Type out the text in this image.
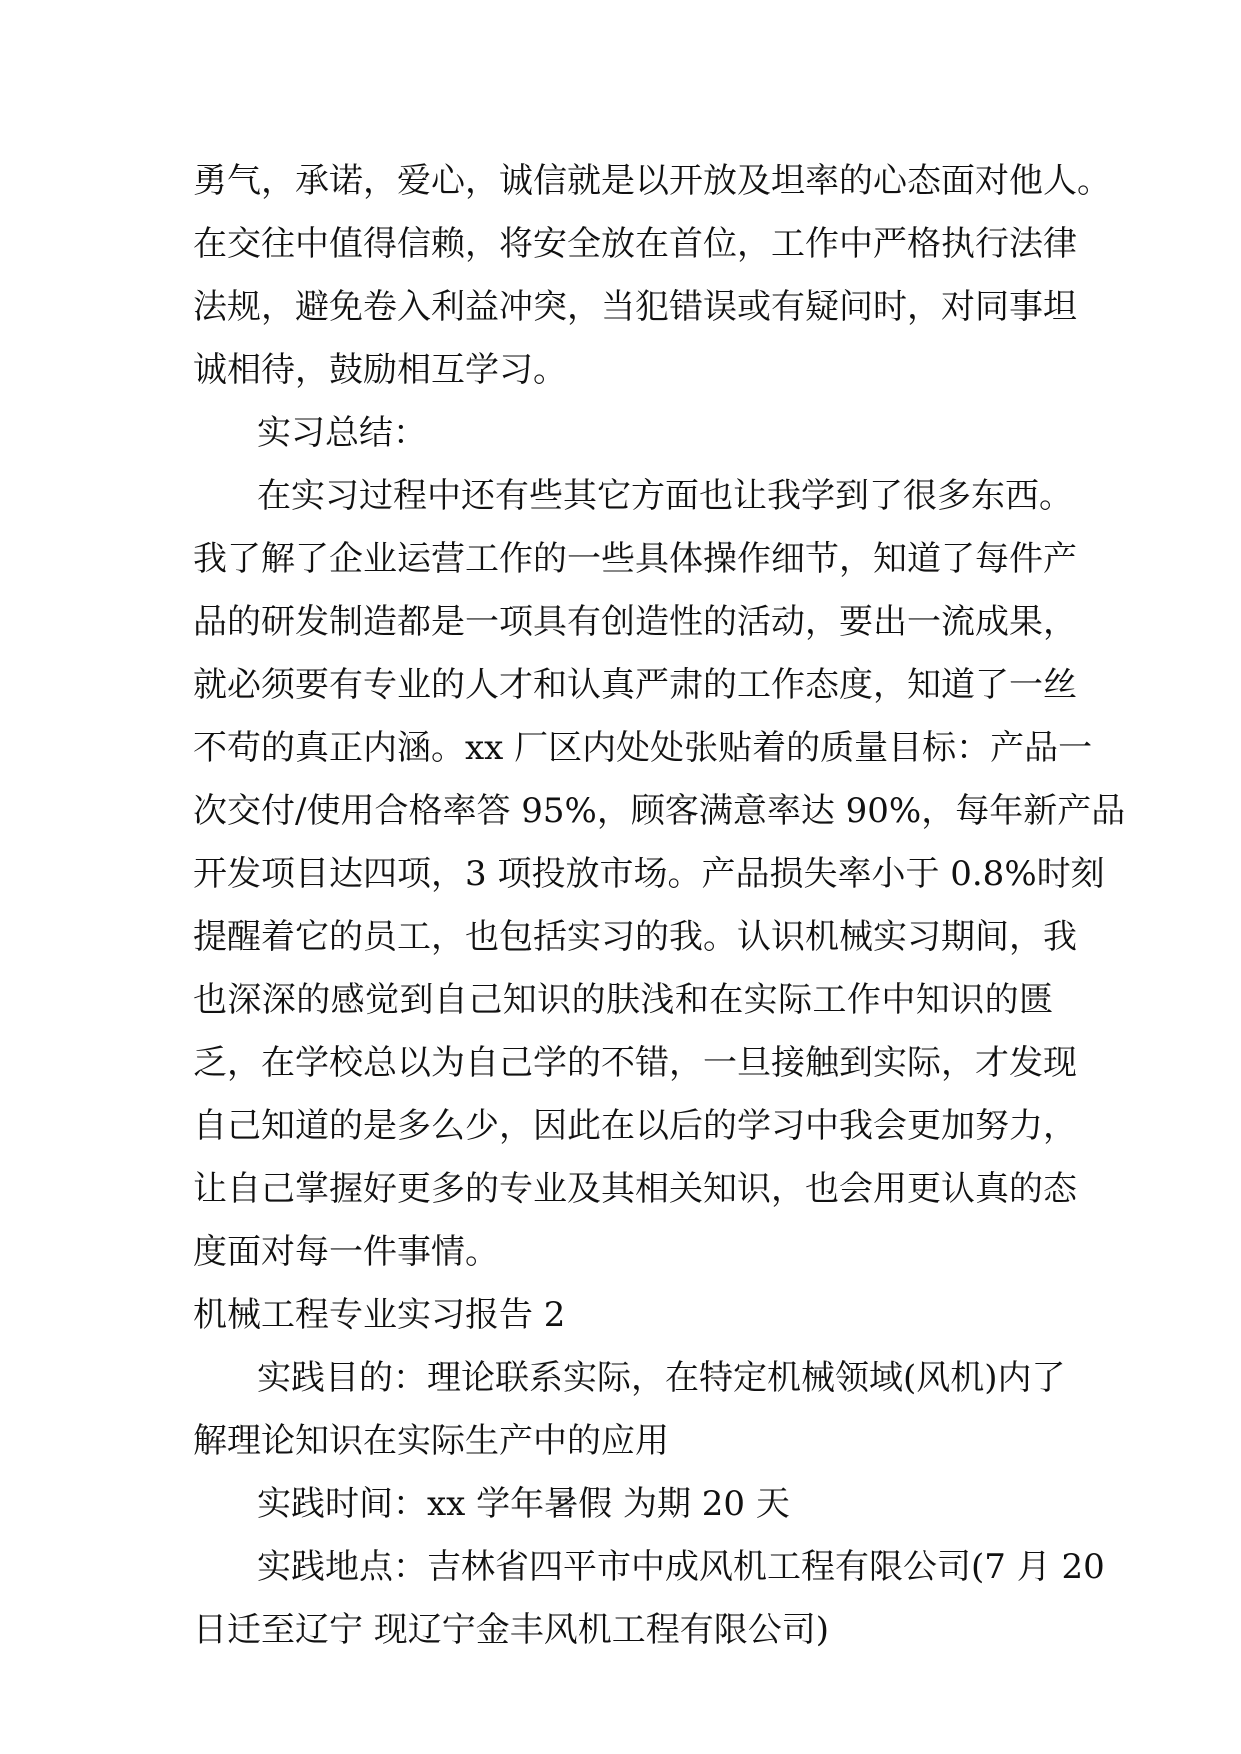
勇气，承诺，爱心，诚信就是以开放及坦率的心态面对他人。
在交往中值得信赖，将安全放在首位，工作中严格执行法律
法规，避免卷入利益冲突，当犯错误或有疑问时，对同事坦
诚相待，鼓励相互学习。
实习总结：
在实习过程中还有些其它方面也让我学到了很多东西。
我了解了企业运营工作的一些具体操作细节，知道了每件产
品的研发制造都是一项具有创造性的活动，要出一流成果，
就必须要有专业的人才和认真严肃的工作态度，知道了一丝
不苟的真正内涵。xx 厂区内处处张贴着的质量目标：产品一
次交付/使用合格率答 95%，顾客满意率达 90%，每年新产品
开发项目达四项，3 项投放市场。产品损失率小于 0.8%时刻
提醒着它的员工，也包括实习的我。认识机械实习期间，我
也深深的感觉到自己知识的肤浅和在实际工作中知识的匮
乏，在学校总以为自己学的不错，一旦接触到实际，才发现
自己知道的是多么少，因此在以后的学习中我会更加努力，
让自己掌握好更多的专业及其相关知识，也会用更认真的态
度面对每一件事情。
机械工程专业实习报告 2
实践目的：理论联系实际，在特定机械领域(风机)内了
解理论知识在实际生产中的应用
实践时间：xx 学年暑假 为期 20 天
实践地点：吉林省四平市中成风机工程有限公司(7 月 20
日迁至辽宁 现辽宁金丰风机工程有限公司)
